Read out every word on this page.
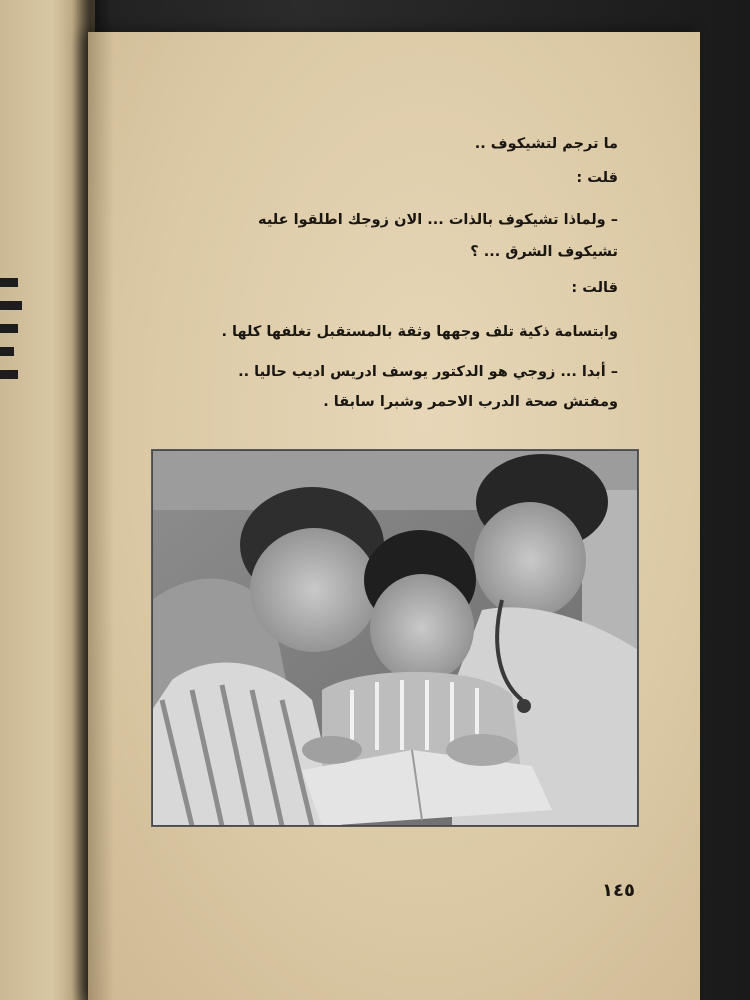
ما ترجم لتشيكوف ..
قلت :
– ولماذا تشيكوف بالذات ... الان زوجك اطلقوا عليه
تشيكوف الشرق ... ؟
قالت :
وابتسامة ذكية تلف وجهها وثقة بالمستقبل تغلفها كلها .
– أبدا ... زوجي هو الدكتور يوسف ادريس اديب حاليا ..
ومفتش صحة الدرب الاحمر وشبرا سابقا .
١٤٥
